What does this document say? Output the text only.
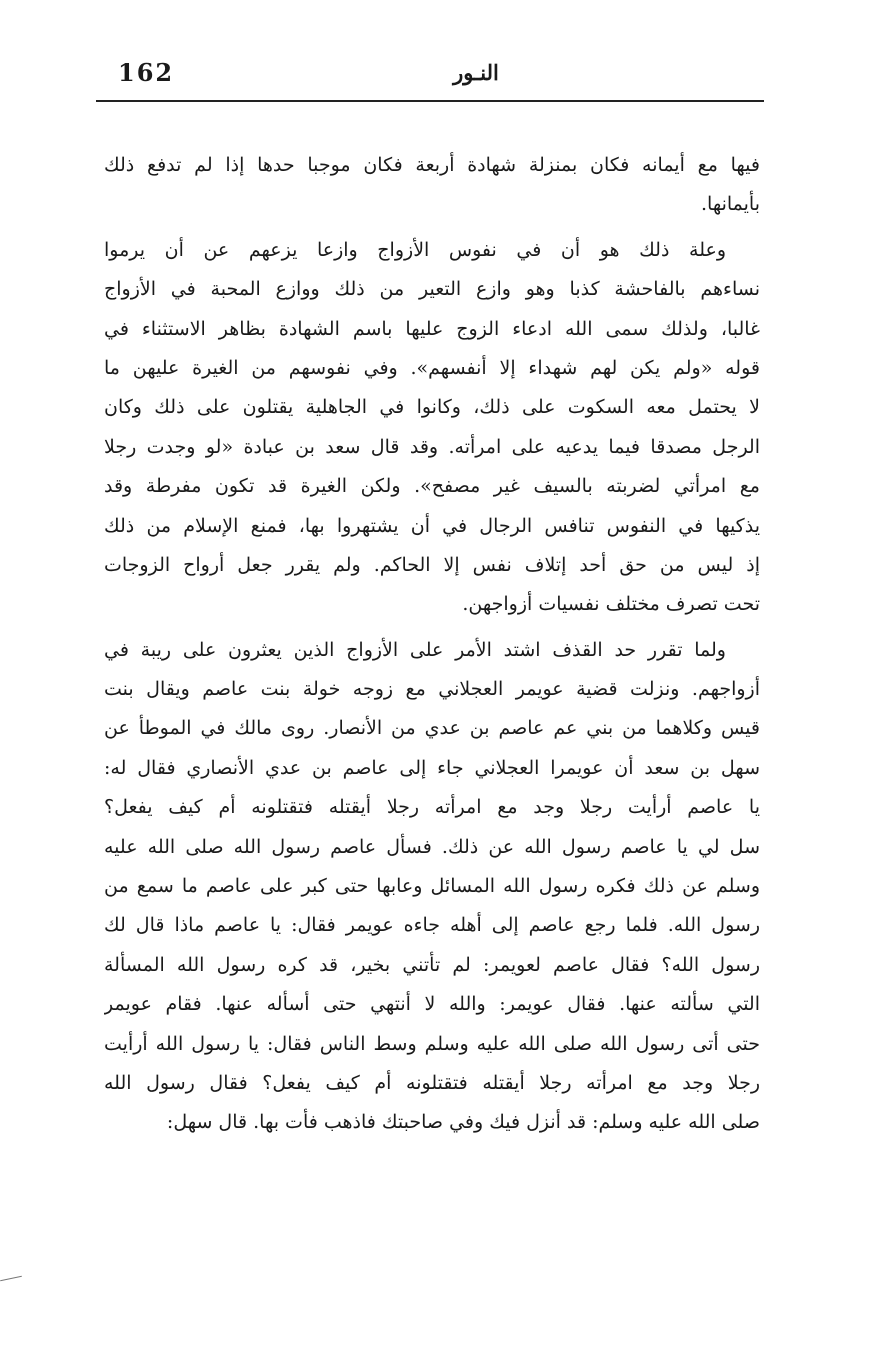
162	النـور

فيها مع أيمانه فكان بمنزلة شهادة أربعة فكان موجبا حدها إذا لم تدفع ذلك
بأيمانها.

وعلة ذلك هو أن في نفوس الأزواج وازعا يزعهم عن أن يرموا
نساءهم بالفاحشة كذبا وهو وازع التعير من ذلك ووازع المحبة في الأزواج
غالبا، ولذلك سمى الله ادعاء الزوج عليها باسم الشهادة بظاهر الاستثناء في
قوله «ولم يكن لهم شهداء إلا أنفسهم». وفي نفوسهم من الغيرة عليهن ما
لا يحتمل معه السكوت على ذلك، وكانوا في الجاهلية يقتلون على ذلك وكان
الرجل مصدقا فيما يدعيه على امرأته. وقد قال سعد بن عبادة «لو وجدت رجلا
مع امرأتي لضربته بالسيف غير مصفح». ولكن الغيرة قد تكون مفرطة وقد
يذكيها في النفوس تنافس الرجال في أن يشتهروا بها، فمنع الإسلام من ذلك
إذ ليس من حق أحد إتلاف نفس إلا الحاكم. ولم يقرر جعل أرواح الزوجات
تحت تصرف مختلف نفسيات أزواجهن.

ولما تقرر حد القذف اشتد الأمر على الأزواج الذين يعثرون على ريبة في
أزواجهم. ونزلت قضية عويمر العجلاني مع زوجه خولة بنت عاصم ويقال بنت
قيس وكلاهما من بني عم عاصم بن عدي من الأنصار. روى مالك في الموطأ عن
سهل بن سعد أن عويمرا العجلاني جاء إلى عاصم بن عدي الأنصاري فقال له:
يا عاصم أرأيت رجلا وجد مع امرأته رجلا أيقتله فتقتلونه أم كيف يفعل؟
سل لي يا عاصم رسول الله عن ذلك. فسأل عاصم رسول الله صلى الله عليه
وسلم عن ذلك فكره رسول الله المسائل وعابها حتى كبر على عاصم ما سمع من
رسول الله. فلما رجع عاصم إلى أهله جاءه عويمر فقال: يا عاصم ماذا قال لك
رسول الله؟ فقال عاصم لعويمر: لم تأتني بخير، قد كره رسول الله المسألة
التي سألته عنها. فقال عويمر: والله لا أنتهي حتى أسأله عنها. فقام عويمر
حتى أتى رسول الله صلى الله عليه وسلم وسط الناس فقال: يا رسول الله أرأيت
رجلا وجد مع امرأته رجلا أيقتله فتقتلونه أم كيف يفعل؟ فقال رسول الله
صلى الله عليه وسلم: قد أنزل فيك وفي صاحبتك فاذهب فأت بها. قال سهل:
